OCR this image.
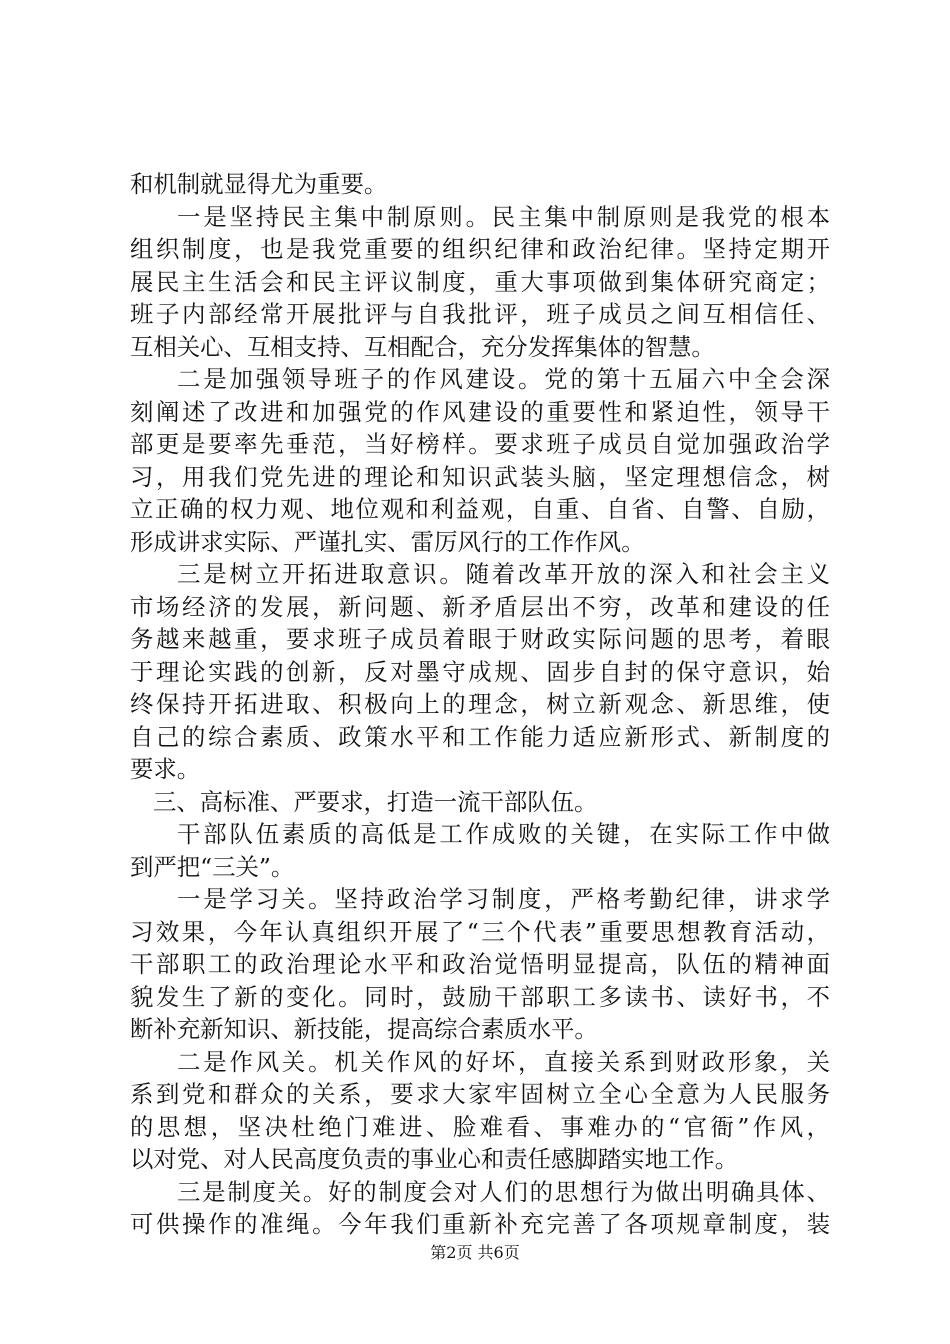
和机制就显得尤为重要。
一是坚持民主集中制原则。民主集中制原则是我党的根本
组织制度，也是我党重要的组织纪律和政治纪律。坚持定期开
展民主生活会和民主评议制度，重大事项做到集体研究商定；
班子内部经常开展批评与自我批评，班子成员之间互相信任、
互相关心、互相支持、互相配合，充分发挥集体的智慧。
二是加强领导班子的作风建设。党的第十五届六中全会深
刻阐述了改进和加强党的作风建设的重要性和紧迫性，领导干
部更是要率先垂范，当好榜样。要求班子成员自觉加强政治学
习，用我们党先进的理论和知识武装头脑，坚定理想信念，树
立正确的权力观、地位观和利益观，自重、自省、自警、自励，
形成讲求实际、严谨扎实、雷厉风行的工作作风。
三是树立开拓进取意识。随着改革开放的深入和社会主义
市场经济的发展，新问题、新矛盾层出不穷，改革和建设的任
务越来越重，要求班子成员着眼于财政实际问题的思考，着眼
于理论实践的创新，反对墨守成规、固步自封的保守意识，始
终保持开拓进取、积极向上的理念，树立新观念、新思维，使
自己的综合素质、政策水平和工作能力适应新形式、新制度的
要求。
三、高标准、严要求，打造一流干部队伍。
干部队伍素质的高低是工作成败的关键，在实际工作中做
到严把“三关”。
一是学习关。坚持政治学习制度，严格考勤纪律，讲求学
习效果，今年认真组织开展了“三个代表”重要思想教育活动，
干部职工的政治理论水平和政治觉悟明显提高，队伍的精神面
貌发生了新的变化。同时，鼓励干部职工多读书、读好书，不
断补充新知识、新技能，提高综合素质水平。
二是作风关。机关作风的好坏，直接关系到财政形象，关
系到党和群众的关系，要求大家牢固树立全心全意为人民服务
的思想，坚决杜绝门难进、脸难看、事难办的“官衙”作风，
以对党、对人民高度负责的事业心和责任感脚踏实地工作。
三是制度关。好的制度会对人们的思想行为做出明确具体、
可供操作的准绳。今年我们重新补充完善了各项规章制度，装
第2页 共6页
